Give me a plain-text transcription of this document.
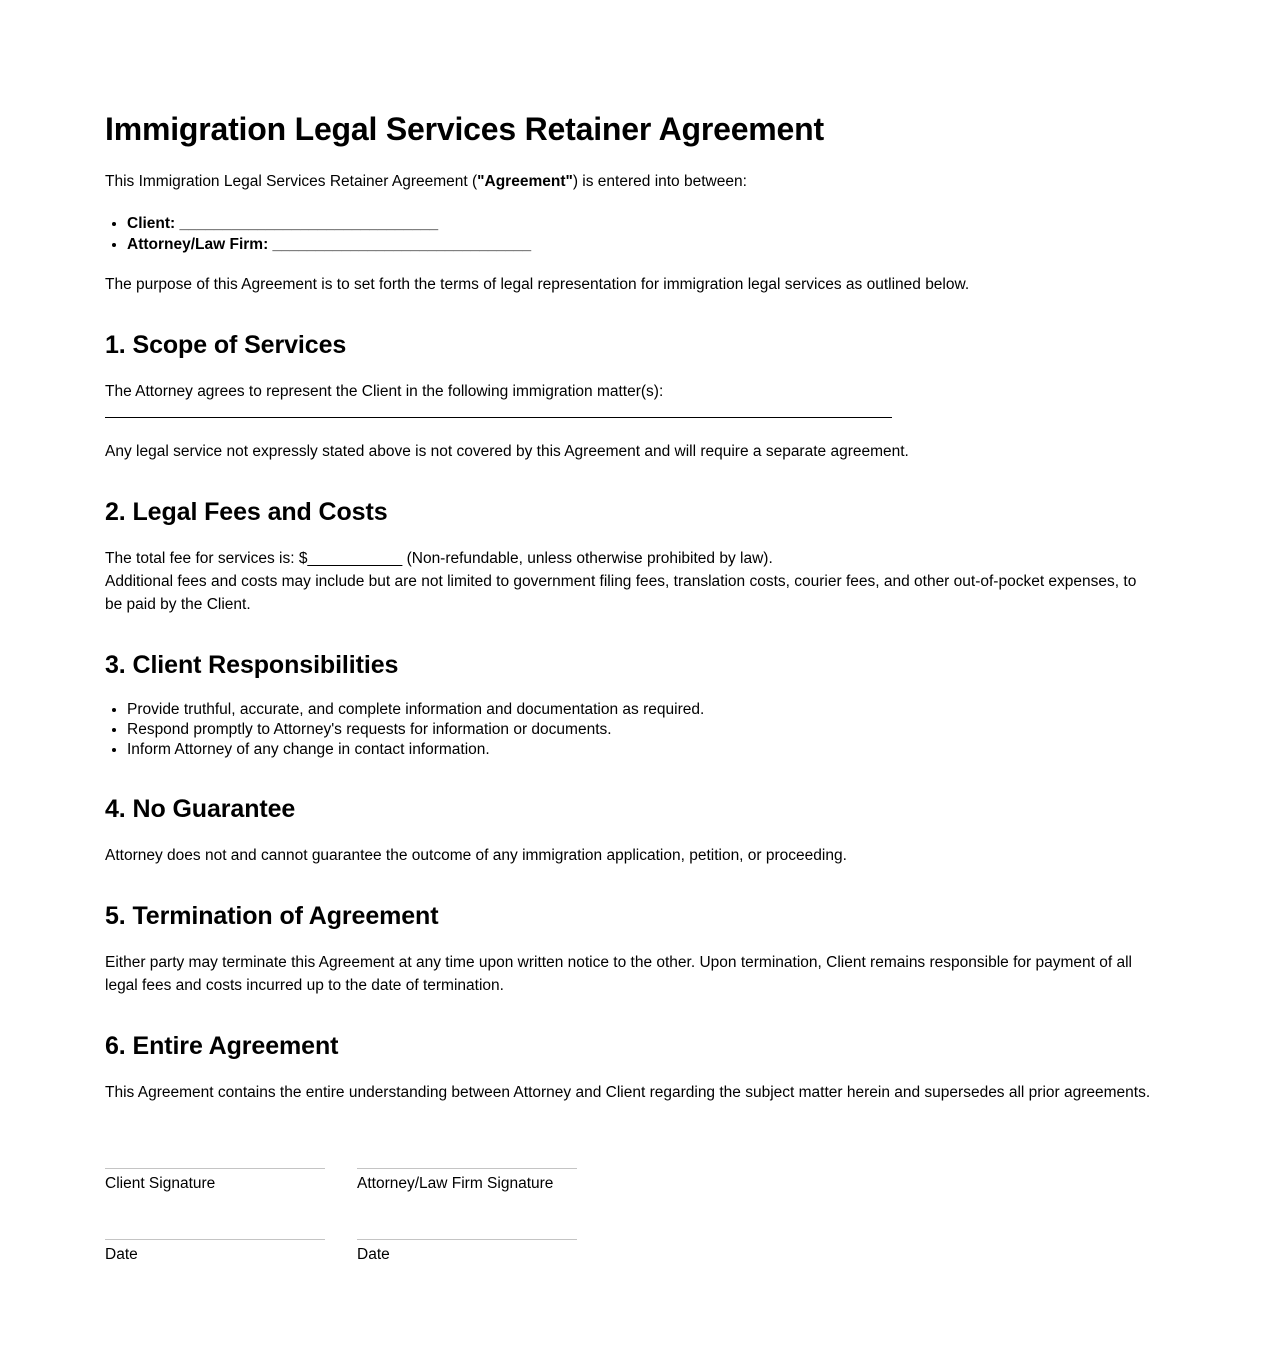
Immigration Legal Services Retainer Agreement

This Immigration Legal Services Retainer Agreement ("Agreement") is entered into between:

• Client: ______________________________
• Attorney/Law Firm: ______________________________

The purpose of this Agreement is to set forth the terms of legal representation for immigration legal services as outlined below.

1. Scope of Services

The Attorney agrees to represent the Client in the following immigration matter(s):

Any legal service not expressly stated above is not covered by this Agreement and will require a separate agreement.

2. Legal Fees and Costs

The total fee for services is: $___________ (Non-refundable, unless otherwise prohibited by law).

Additional fees and costs may include but are not limited to government filing fees, translation costs, courier fees, and other out-of-pocket expenses, to be paid by the Client.

3. Client Responsibilities
• Provide truthful, accurate, and complete information and documentation as required.
• Respond promptly to Attorney's requests for information or documents.
• Inform Attorney of any change in contact information.
4. No Guarantee

Attorney does not and cannot guarantee the outcome of any immigration application, petition, or proceeding.

5. Termination of Agreement

Either party may terminate this Agreement at any time upon written notice to the other. Upon termination, Client remains responsible for payment of all legal fees and costs incurred up to the date of termination.

6. Entire Agreement

This Agreement contains the entire understanding between Attorney and Client regarding the subject matter herein and supersedes all prior agreements.

Client Signature
Date
Attorney/Law Firm Signature
Date
